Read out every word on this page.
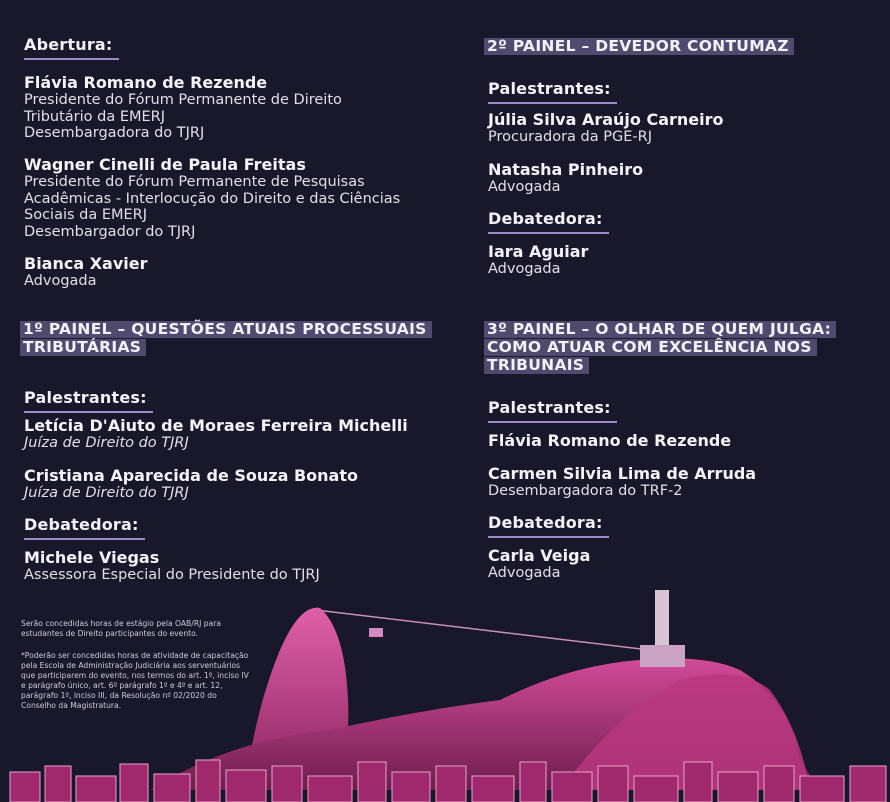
Abertura:
Flávia Romano de Rezende
Presidente do Fórum Permanente de Direito
Tributário da EMERJ
Desembargadora do TJRJ
Wagner Cinelli de Paula Freitas
Presidente do Fórum Permanente de Pesquisas
Acadêmicas - Interlocução do Direito e das Ciências
Sociais da EMERJ
Desembargador do TJRJ
Bianca Xavier
Advogada
1º PAINEL – QUESTÕES ATUAIS PROCESSUAIS
TRIBUTÁRIAS
Palestrantes:
Letícia D'Aiuto de Moraes Ferreira Michelli
Juíza de Direito do TJRJ
Cristiana Aparecida de Souza Bonato
Juíza de Direito do TJRJ
Debatedora:
Michele Viegas
Assessora Especial do Presidente do TJRJ
2º PAINEL – DEVEDOR CONTUMAZ
Palestrantes:
Júlia Silva Araújo Carneiro
Procuradora da PGE-RJ
Natasha Pinheiro
Advogada
Debatedora:
Iara Aguiar
Advogada
3º PAINEL – O OLHAR DE QUEM JULGA:
COMO ATUAR COM EXCELÊNCIA NOS
TRIBUNAIS
Palestrantes:
Flávia Romano de Rezende
Carmen Silvia Lima de Arruda
Desembargadora do TRF-2
Debatedora:
Carla Veiga
Advogada
Serão concedidas horas de estágio pela OAB/RJ para
estudantes de Direito participantes do evento.
*Poderão ser concedidas horas de atividade de capacitação
pela Escola de Administração Judiciária aos serventuários
que participarem do evento, nos termos do art. 1º, inciso IV
e parágrafo único, art. 6º parágrafo 1º e 4º e art. 12,
parágrafo 1º, inciso III, da Resolução nº 02/2020 do
Conselho da Magistratura.
